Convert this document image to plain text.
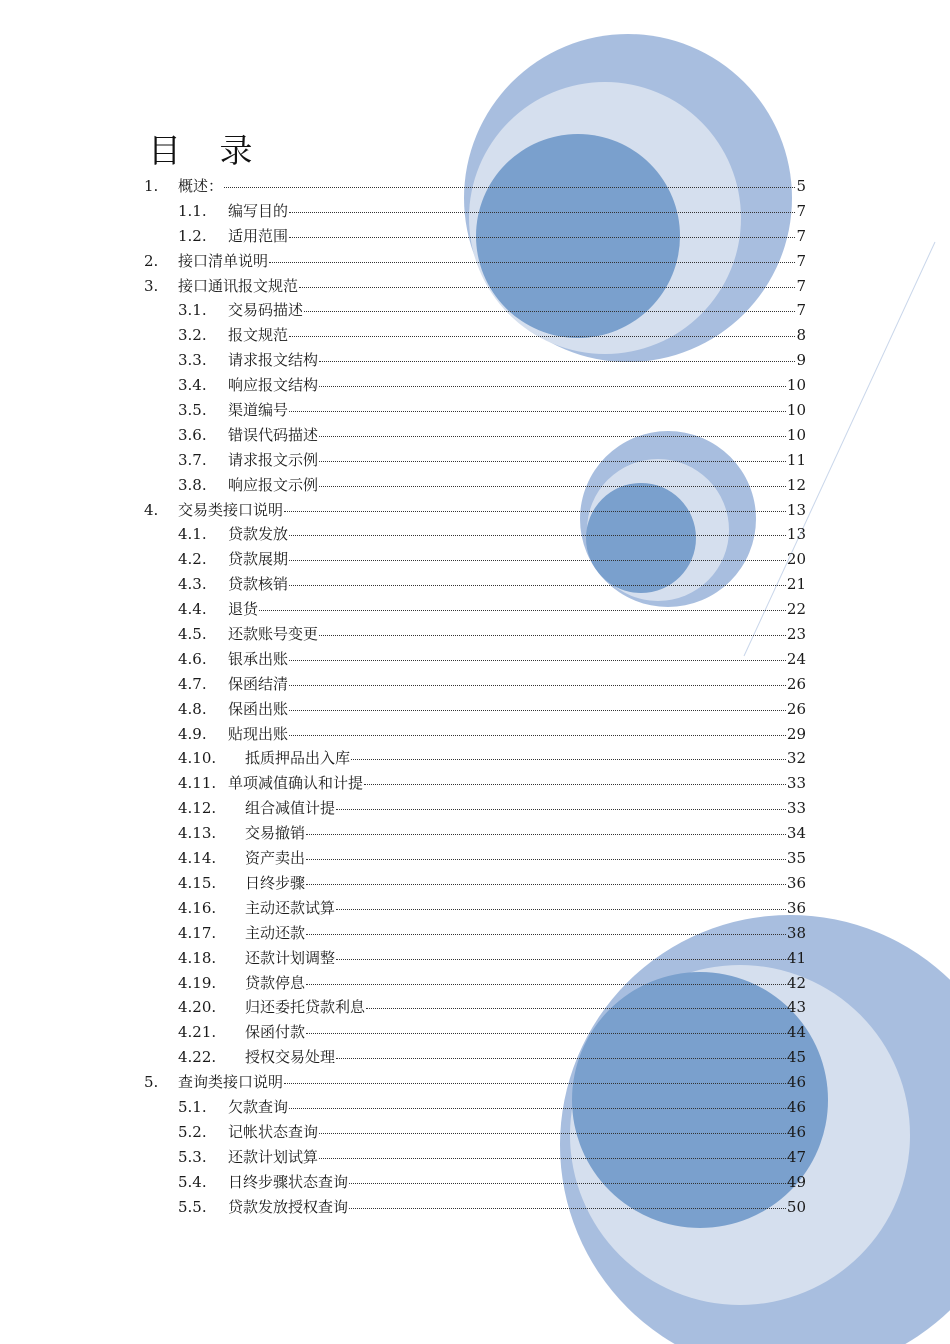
目 录
1.	概述：	5
1.1.	编写目的	7
1.2.	适用范围	7
2.	接口清单说明	7
3.	接口通讯报文规范	7
3.1.	交易码描述	7
3.2.	报文规范	8
3.3.	请求报文结构	9
3.4.	响应报文结构	10
3.5.	渠道编号	10
3.6.	错误代码描述	10
3.7.	请求报文示例	11
3.8.	响应报文示例	12
4.	交易类接口说明	13
4.1.	贷款发放	13
4.2.	贷款展期	20
4.3.	贷款核销	21
4.4.	退货	22
4.5.	还款账号变更	23
4.6.	银承出账	24
4.7.	保函结清	26
4.8.	保函出账	26
4.9.	贴现出账	29
4.10.	抵质押品出入库	32
4.11. 单项减值确认和计提	33
4.12.	组合减值计提	33
4.13.	交易撤销	34
4.14.	资产卖出	35
4.15.	日终步骤	36
4.16.	主动还款试算	36
4.17.	主动还款	38
4.18.	还款计划调整	41
4.19.	贷款停息	42
4.20.	归还委托贷款利息	43
4.21.	保函付款	44
4.22.	授权交易处理	45
5.	查询类接口说明	46
5.1.	欠款查询	46
5.2.	记帐状态查询	46
5.3.	还款计划试算	47
5.4.	日终步骤状态查询	49
5.5.	贷款发放授权查询	50
